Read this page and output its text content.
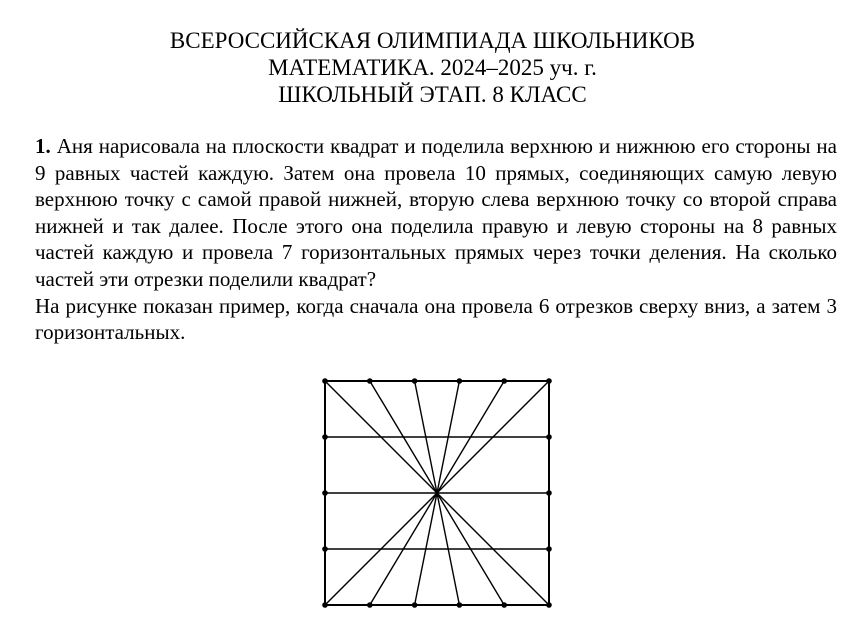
ВСЕРОССИЙСКАЯ ОЛИМПИАДА ШКОЛЬНИКОВ
МАТЕМАТИКА. 2024–2025 уч. г.
ШКОЛЬНЫЙ ЭТАП. 8 КЛАСС

1. Аня нарисовала на плоскости квадрат и поделила верхнюю и нижнюю его стороны на 9 равных частей каждую. Затем она провела 10 прямых, соединяющих самую левую верхнюю точку с самой правой нижней, вторую слева верхнюю точку со второй справа нижней и так далее. После этого она поделила правую и левую стороны на 8 равных частей каждую и провела 7 горизонтальных прямых через точки деления. На сколько частей эти отрезки поделили квадрат?

На рисунке показан пример, когда сначала она провела 6 отрезков сверху вниз, а затем 3 горизонтальных.
